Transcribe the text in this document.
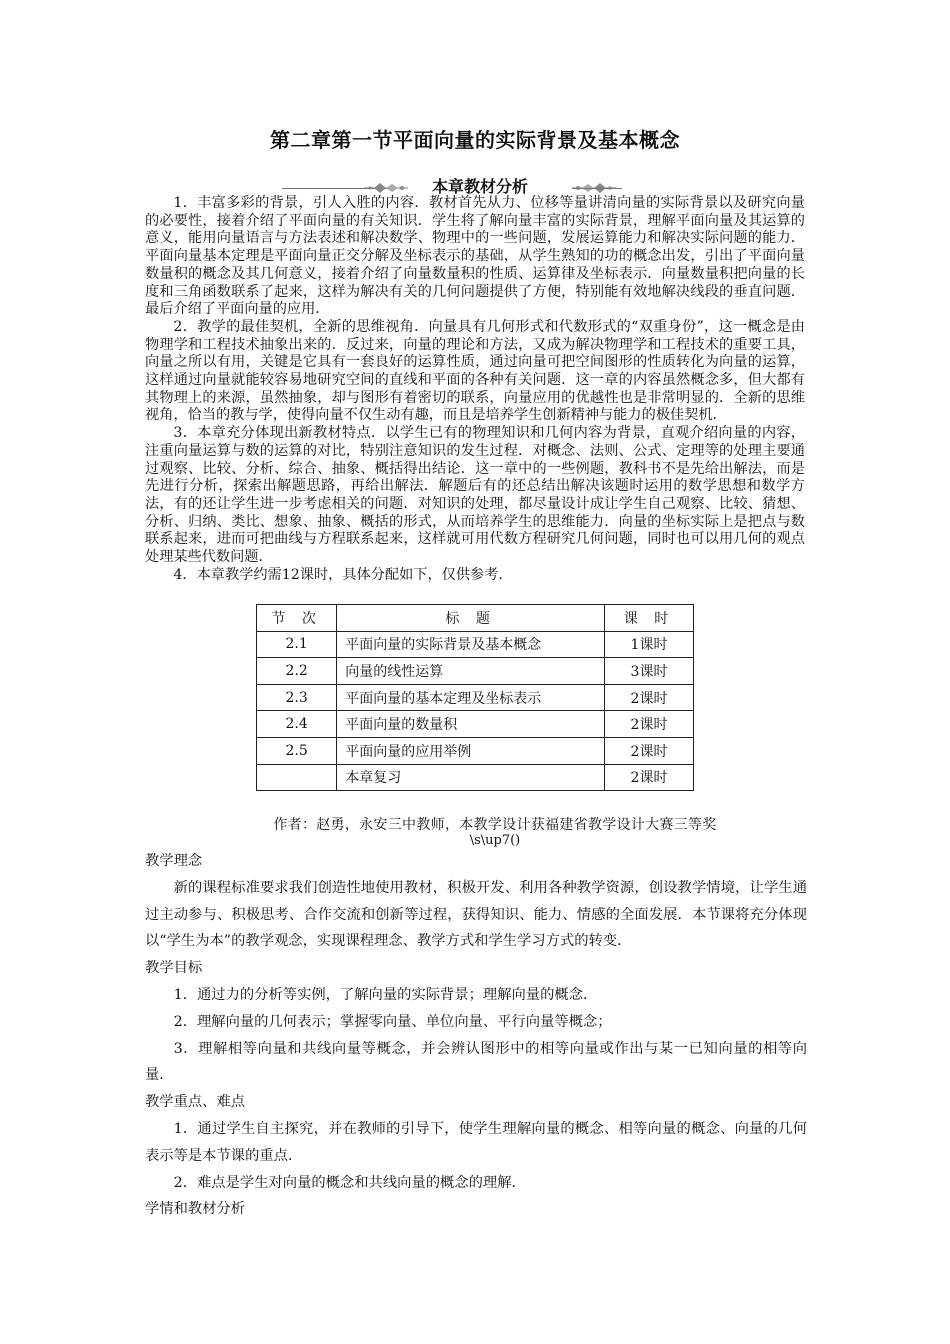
第二章第一节平面向量的实际背景及基本概念
本章教材分析

1．丰富多彩的背景，引人入胜的内容．教材首先从力、位移等量讲清向量的实际背景以及研究向量的必要性，接着介绍了平面向量的有关知识．学生将了解向量丰富的实际背景，理解平面向量及其运算的意义，能用向量语言与方法表述和解决数学、物理中的一些问题，发展运算能力和解决实际问题的能力．平面向量基本定理是平面向量正交分解及坐标表示的基础，从学生熟知的功的概念出发，引出了平面向量数量积的概念及其几何意义，接着介绍了向量数量积的性质、运算律及坐标表示．向量数量积把向量的长度和三角函数联系了起来，这样为解决有关的几何问题提供了方便，特别能有效地解决线段的垂直问题．最后介绍了平面向量的应用．

2．教学的最佳契机，全新的思维视角．向量具有几何形式和代数形式的“双重身份”，这一概念是由物理学和工程技术抽象出来的．反过来，向量的理论和方法，又成为解决物理学和工程技术的重要工具，向量之所以有用，关键是它具有一套良好的运算性质，通过向量可把空间图形的性质转化为向量的运算，这样通过向量就能较容易地研究空间的直线和平面的各种有关问题．这一章的内容虽然概念多，但大都有其物理上的来源，虽然抽象，却与图形有着密切的联系，向量应用的优越性也是非常明显的．全新的思维视角，恰当的教与学，使得向量不仅生动有趣，而且是培养学生创新精神与能力的极佳契机．

3．本章充分体现出新教材特点．以学生已有的物理知识和几何内容为背景，直观介绍向量的内容，注重向量运算与数的运算的对比，特别注意知识的发生过程．对概念、法则、公式、定理等的处理主要通过观察、比较、分析、综合、抽象、概括得出结论．这一章中的一些例题，教科书不是先给出解法，而是先进行分析，探索出解题思路，再给出解法．解题后有的还总结出解决该题时运用的数学思想和数学方法，有的还让学生进一步考虑相关的问题．对知识的处理，都尽量设计成让学生自己观察、比较、猜想、分析、归纳、类比、想象、抽象、概括的形式，从而培养学生的思维能力．向量的坐标实际上是把点与数联系起来，进而可把曲线与方程联系起来，这样就可用代数方程研究几何问题，同时也可以用几何的观点处理某些代数问题．

4．本章教学约需12课时，具体分配如下，仅供参考．

节 次	标 题	课 时
2.1	平面向量的实际背景及基本概念	1课时
2.2	向量的线性运算	3课时
2.3	平面向量的基本定理及坐标表示	2课时
2.4	平面向量的数量积	2课时
2.5	平面向量的应用举例	2课时
	本章复习	2课时
作者：赵勇，永安三中教师，本教学设计获福建省教学设计大赛三等奖
\s\up7()

教学理念

新的课程标准要求我们创造性地使用教材，积极开发、利用各种教学资源，创设教学情境，让学生通过主动参与、积极思考、合作交流和创新等过程，获得知识、能力、情感的全面发展．本节课将充分体现以“学生为本”的教学观念，实现课程理念、教学方式和学生学习方式的转变．

教学目标

1．通过力的分析等实例，了解向量的实际背景；理解向量的概念．

2．理解向量的几何表示；掌握零向量、单位向量、平行向量等概念；

3．理解相等向量和共线向量等概念，并会辨认图形中的相等向量或作出与某一已知向量的相等向量．

教学重点、难点

1．通过学生自主探究，并在教师的引导下，使学生理解向量的概念、相等向量的概念、向量的几何表示等是本节课的重点．

2．难点是学生对向量的概念和共线向量的概念的理解．

学情和教材分析
